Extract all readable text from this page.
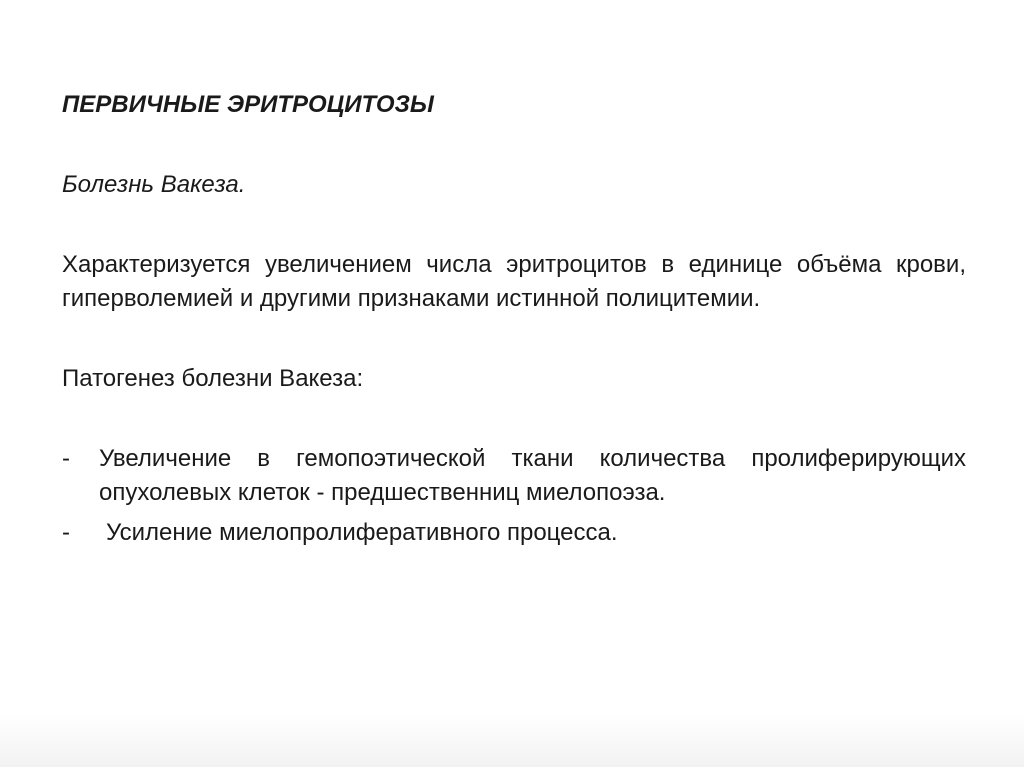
ПЕРВИЧНЫЕ ЭРИТРОЦИТОЗЫ

Болезнь Вакеза.

Характеризуется увеличением числа эритроцитов в единице объёма крови, гиперволемией и другими признаками истинной полицитемии.

Патогенез болезни Вакеза:

-	Увеличение в гемопоэтической ткани количества пролиферирующих опухолевых клеток - предшественниц миелопоэза.
-	Усиление миелопролиферативного процесса.
